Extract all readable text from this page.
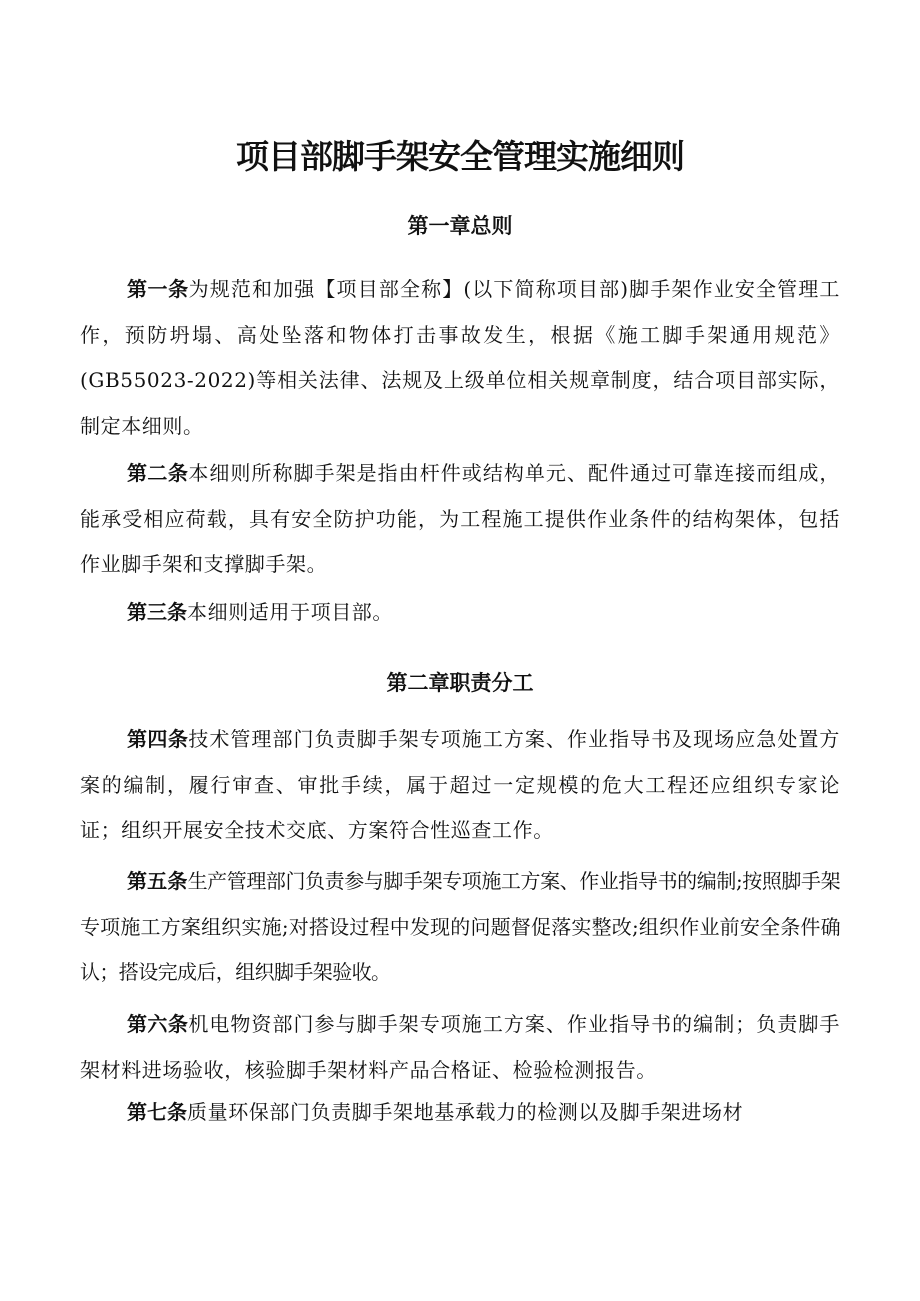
项目部脚手架安全管理实施细则
第一章总则

第一条为规范和加强【项目部全称】(以下简称项目部)脚手架作业安全管理工作，预防坍塌、高处坠落和物体打击事故发生，根据《施工脚手架通用规范》(GB55023-2022)等相关法律、法规及上级单位相关规章制度，结合项目部实际，制定本细则。

第二条本细则所称脚手架是指由杆件或结构单元、配件通过可靠连接而组成，能承受相应荷载，具有安全防护功能，为工程施工提供作业条件的结构架体，包括作业脚手架和支撑脚手架。

第三条本细则适用于项目部。

第二章职责分工

第四条技术管理部门负责脚手架专项施工方案、作业指导书及现场应急处置方案的编制，履行审查、审批手续，属于超过一定规模的危大工程还应组织专家论证；组织开展安全技术交底、方案符合性巡查工作。

第五条生产管理部门负责参与脚手架专项施工方案、作业指导书的编制;按照脚手架专项施工方案组织实施;对搭设过程中发现的问题督促落实整改;组织作业前安全条件确认；搭设完成后，组织脚手架验收。

第六条机电物资部门参与脚手架专项施工方案、作业指导书的编制；负责脚手架材料进场验收，核验脚手架材料产品合格证、检验检测报告。

第七条质量环保部门负责脚手架地基承载力的检测以及脚手架进场材
